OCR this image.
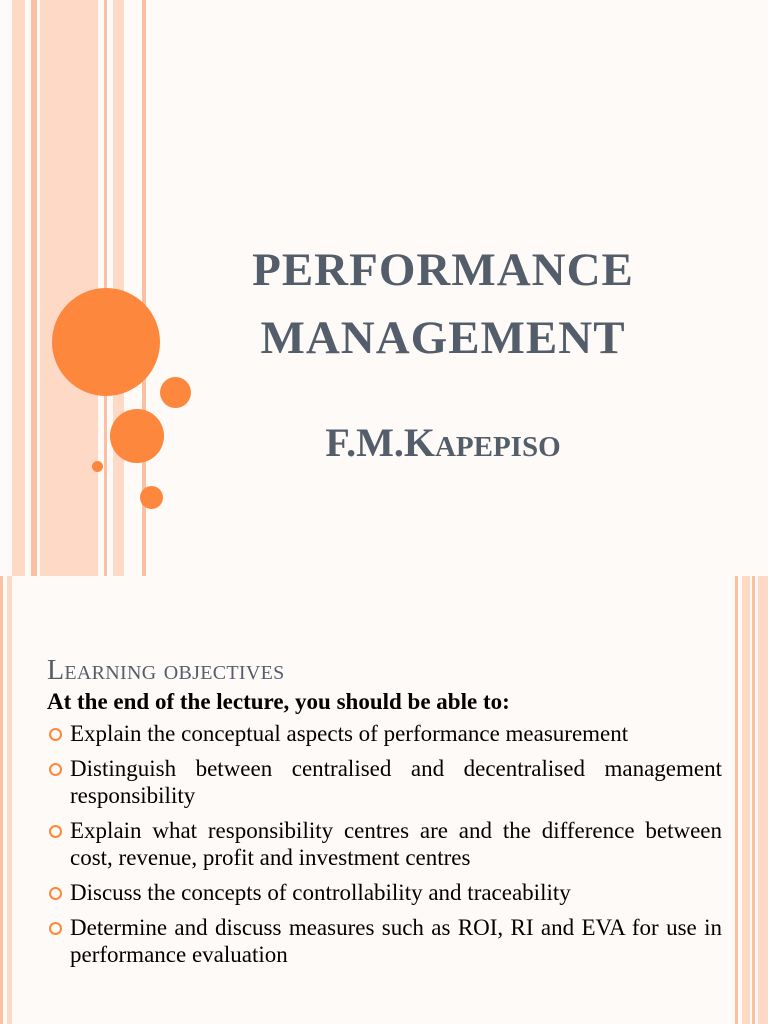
PERFORMANCE
MANAGEMENT
F.M.KAPEPISO
Learning objectives

At the end of the lecture, you should be able to:

Explain the conceptual aspects of performance measurement
Distinguish between centralised and decentralised management responsibility
Explain what responsibility centres are and the difference between cost, revenue, profit and investment centres
Discuss the concepts of controllability and traceability
Determine and discuss measures such as ROI, RI and EVA for use in performance evaluation
